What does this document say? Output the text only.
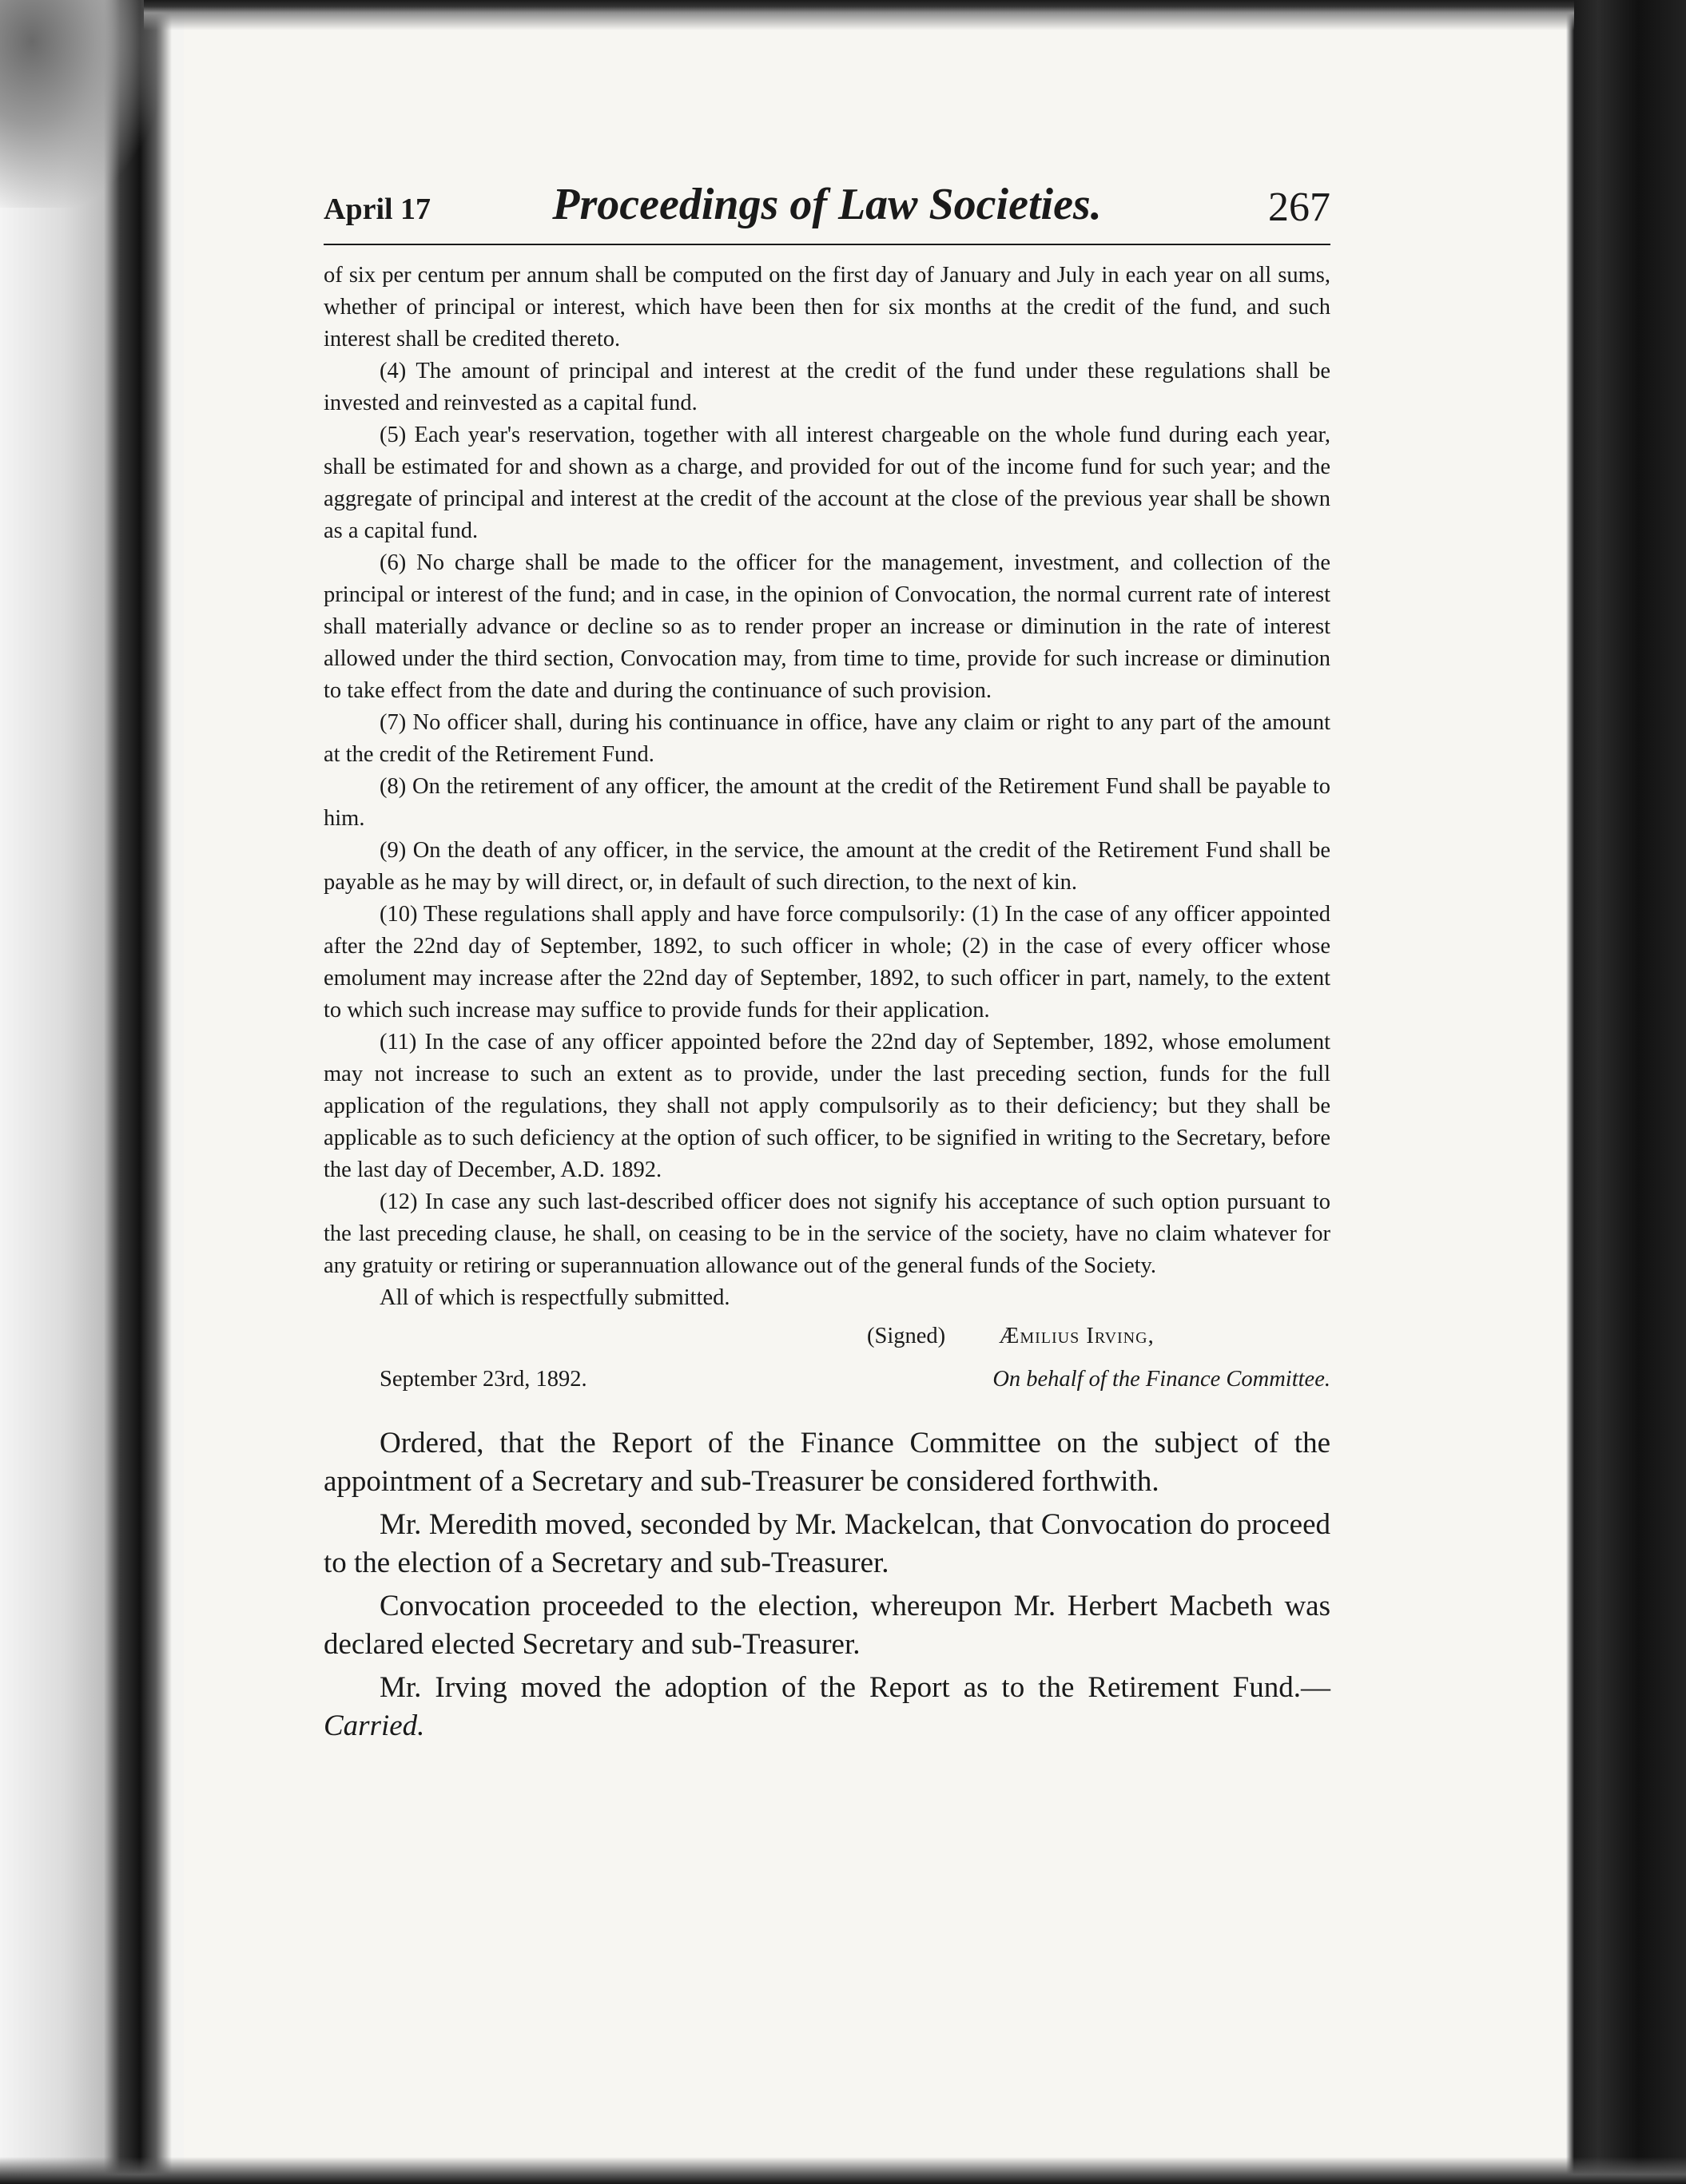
April 17	Proceedings of Law Societies.	267

of six per centum per annum shall be computed on the first day of January and July in each year on all sums, whether of principal or interest, which have been then for six months at the credit of the fund, and such interest shall be credited thereto.

(4) The amount of principal and interest at the credit of the fund under these regulations shall be invested and reinvested as a capital fund.

(5) Each year's reservation, together with all interest chargeable on the whole fund during each year, shall be estimated for and shown as a charge, and provided for out of the income fund for such year; and the aggregate of principal and interest at the credit of the account at the close of the previous year shall be shown as a capital fund.

(6) No charge shall be made to the officer for the management, investment, and collection of the principal or interest of the fund; and in case, in the opinion of Convocation, the normal current rate of interest shall materially advance or decline so as to render proper an increase or diminution in the rate of interest allowed under the third section, Convocation may, from time to time, provide for such increase or diminution to take effect from the date and during the continuance of such provision.

(7) No officer shall, during his continuance in office, have any claim or right to any part of the amount at the credit of the Retirement Fund.

(8) On the retirement of any officer, the amount at the credit of the Retirement Fund shall be payable to him.

(9) On the death of any officer, in the service, the amount at the credit of the Retirement Fund shall be payable as he may by will direct, or, in default of such direction, to the next of kin.

(10) These regulations shall apply and have force compulsorily: (1) In the case of any officer appointed after the 22nd day of September, 1892, to such officer in whole; (2) in the case of every officer whose emolument may increase after the 22nd day of September, 1892, to such officer in part, namely, to the extent to which such increase may suffice to provide funds for their application.

(11) In the case of any officer appointed before the 22nd day of September, 1892, whose emolument may not increase to such an extent as to provide, under the last preceding section, funds for the full application of the regulations, they shall not apply compulsorily as to their deficiency; but they shall be applicable as to such deficiency at the option of such officer, to be signified in writing to the Secretary, before the last day of December, A.D. 1892.

(12) In case any such last-described officer does not signify his acceptance of such option pursuant to the last preceding clause, he shall, on ceasing to be in the service of the society, have no claim whatever for any gratuity or retiring or superannuation allowance out of the general funds of the Society.

All of which is respectfully submitted.

(Signed) Æmilius Irving,
September 23rd, 1892.	On behalf of the Finance Committee.

Ordered, that the Report of the Finance Committee on the subject of the appointment of a Secretary and sub-Treasurer be considered forthwith.

Mr. Meredith moved, seconded by Mr. Mackelcan, that Convocation do proceed to the election of a Secretary and sub-Treasurer.

Convocation proceeded to the election, whereupon Mr. Herbert Macbeth was declared elected Secretary and sub-Treasurer.

Mr. Irving moved the adoption of the Report as to the Retirement Fund.—Carried.
